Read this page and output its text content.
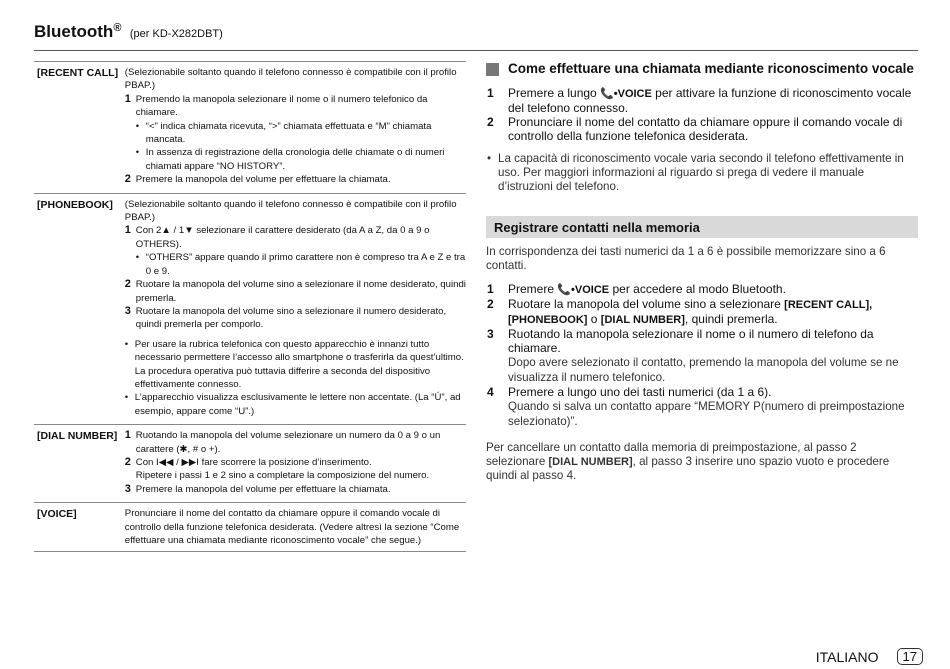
Bluetooth® (per KD-X282DBT)
[RECENT CALL] (Selezionabile soltanto quando il telefono connesso è compatibile con il profilo PBAP.)

1 Premendo la manopola selezionare il nome o il numero telefonico da chiamare.
• “<” indica chiamata ricevuta, “>” chiamata effettuata e “M” chiamata mancata.
• In assenza di registrazione della cronologia delle chiamate o di numeri chiamati appare “NO HISTORY”.
2 Premere la manopola del volume per effettuare la chiamata.
[PHONEBOOK]	(Selezionabile soltanto quando il telefono connesso è compatibile con il profilo PBAP.)

1 Con 2▲ / 1▼ selezionare il carattere desiderato (da A a Z, da 0 a 9 o OTHERS).
• “OTHERS” appare quando il primo carattere non è compreso tra A e Z e tra 0 e 9.
2 Ruotare la manopola del volume sino a selezionare il nome desiderato, quindi premerla.
3 Ruotare la manopola del volume sino a selezionare il numero desiderato, quindi premerla per comporlo.
• Per usare la rubrica telefonica con questo apparecchio è innanzi tutto necessario permettere l’accesso allo smartphone o trasferirla da quest’ultimo. La procedura operativa può tuttavia differire a seconda del dispositivo effettivamente connesso.
• L’apparecchio visualizza esclusivamente le lettere non accentate. (La “Ú”, ad esempio, appare come “U”.)
[DIAL NUMBER] 1 Ruotando la manopola del volume selezionare un numero da 0 a 9 o un carattere (✱, # o +).
2 Con I◀◀ / ▶▶I fare scorrere la posizione d’inserimento.
Ripetere i passi 1 e 2 sino a completare la composizione del numero.
3 Premere la manopola del volume per effettuare la chiamata.
[VOICE]	Pronunciare il nome del contatto da chiamare oppure il comando vocale di controllo della funzione telefonica desiderata. (Vedere altresì la sezione “Come effettuare una chiamata mediante riconoscimento vocale” che segue.)

Come effettuare una chiamata mediante riconoscimento vocale
1	Premere a lungo 📞•VOICE per attivare la funzione di riconoscimento vocale del telefono connesso.
2	Pronunciare il nome del contatto da chiamare oppure il comando vocale di controllo della funzione telefonica desiderata.
• La capacità di riconoscimento vocale varia secondo il telefono effettivamente in uso. Per maggiori informazioni al riguardo si prega di vedere il manuale d’istruzioni del telefono.
Registrare contatti nella memoria
In corrispondenza dei tasti numerici da 1 a 6 è possibile memorizzare sino a 6 contatti.
1	Premere 📞•VOICE per accedere al modo Bluetooth.
2	Ruotare la manopola del volume sino a selezionare [RECENT CALL],
[PHONEBOOK] o [DIAL NUMBER], quindi premerla.
3	Ruotando la manopola selezionare il nome o il numero di telefono da chiamare.
Dopo avere selezionato il contatto, premendo la manopola del volume se ne visualizza il numero telefonico.
4	Premere a lungo uno dei tasti numerici (da 1 a 6).
Quando si salva un contatto appare “MEMORY P(numero di preimpostazione selezionato)”.
Per cancellare un contatto dalla memoria di preimpostazione, al passo 2 selezionare [DIAL NUMBER], al passo 3 inserire uno spazio vuoto e procedere quindi al passo 4.
ITALIANO	17
